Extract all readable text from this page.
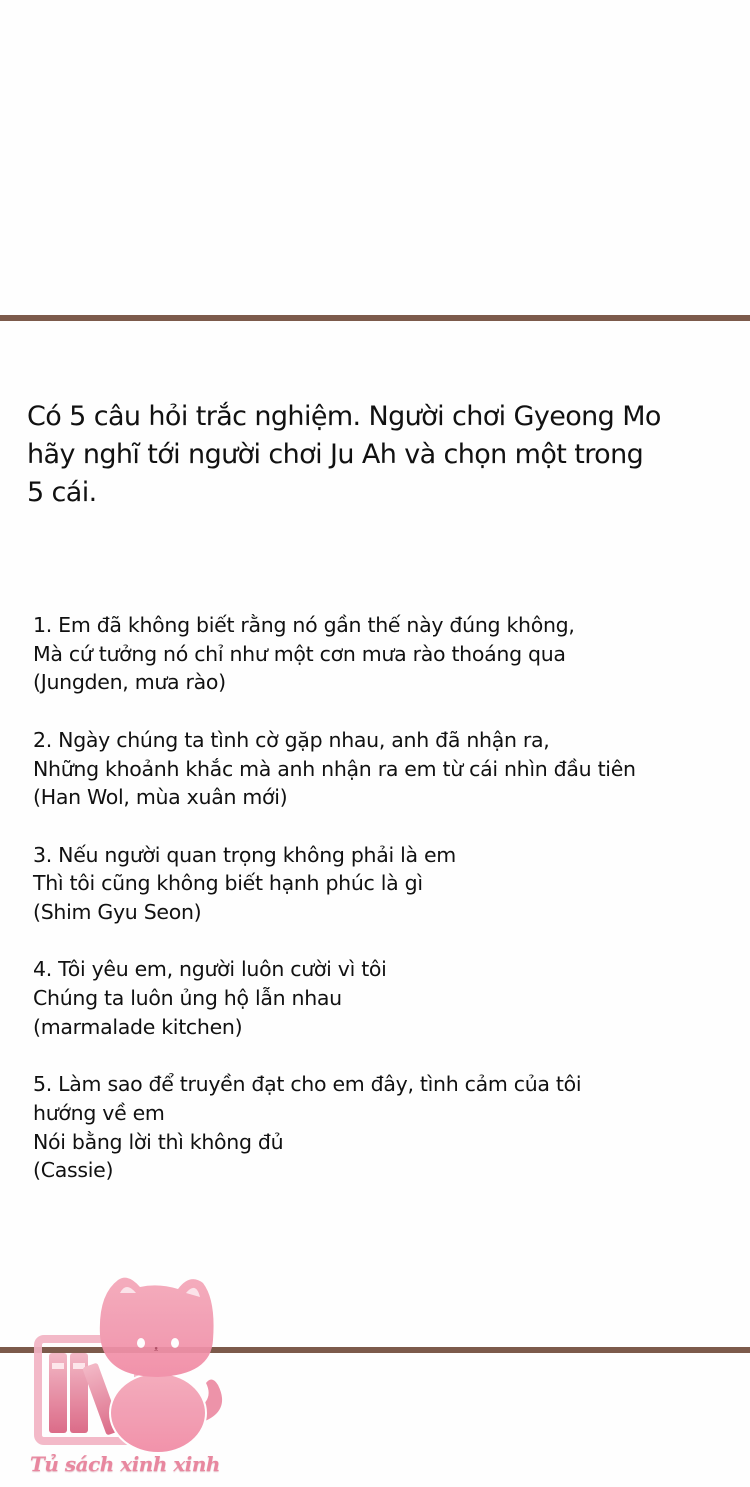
Có 5 câu hỏi trắc nghiệm. Người chơi Gyeong Mo
hãy nghĩ tới người chơi Ju Ah và chọn một trong
5 cái.
1. Em đã không biết rằng nó gần thế này đúng không,
Mà cứ tưởng nó chỉ như một cơn mưa rào thoáng qua
(Jungden, mưa rào)
2. Ngày chúng ta tình cờ gặp nhau, anh đã nhận ra,
Những khoảnh khắc mà anh nhận ra em từ cái nhìn đầu tiên
(Han Wol, mùa xuân mới)
3. Nếu người quan trọng không phải là em
Thì tôi cũng không biết hạnh phúc là gì
(Shim Gyu Seon)
4. Tôi yêu em, người luôn cười vì tôi
Chúng ta luôn ủng hộ lẫn nhau
(marmalade kitchen)
5. Làm sao để truyền đạt cho em đây, tình cảm của tôi
hướng về em
Nói bằng lời thì không đủ
(Cassie)
ᴥ
Tủ sách xinh xinh
